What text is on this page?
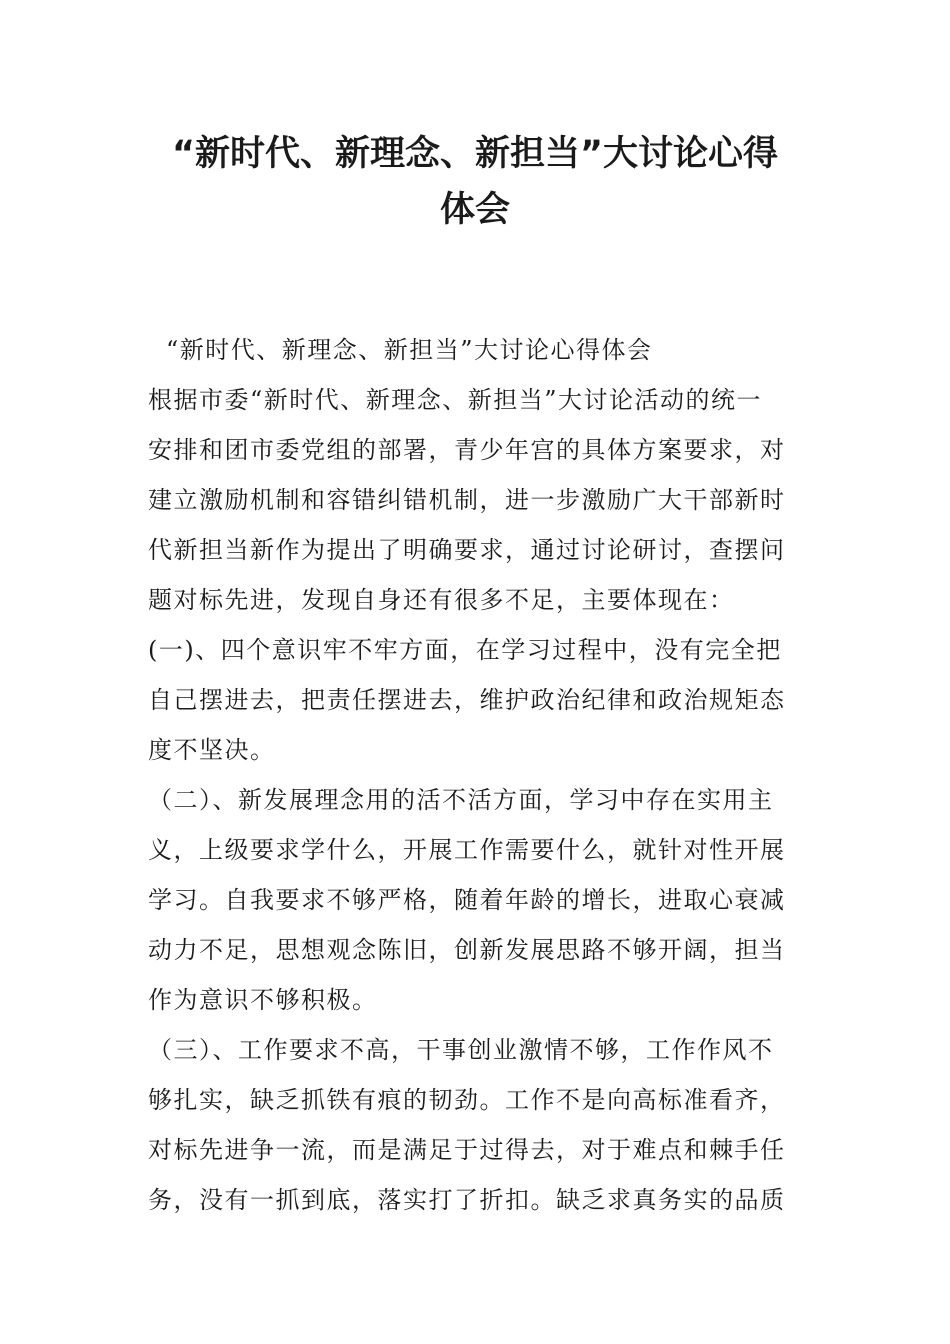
“新时代、新理念、新担当”大讨论心得
体会
“新时代、新理念、新担当”大讨论心得体会
根据市委“新时代、新理念、新担当”大讨论活动的统一
安排和团市委党组的部署，青少年宫的具体方案要求，对
建立激励机制和容错纠错机制，进一步激励广大干部新时
代新担当新作为提出了明确要求，通过讨论研讨，查摆问
题对标先进，发现自身还有很多不足，主要体现在：
(一)、四个意识牢不牢方面，在学习过程中，没有完全把
自己摆进去，把责任摆进去，维护政治纪律和政治规矩态
度不坚决。
（二）、新发展理念用的活不活方面，学习中存在实用主
义，上级要求学什么，开展工作需要什么，就针对性开展
学习。自我要求不够严格，随着年龄的增长，进取心衰减
动力不足，思想观念陈旧，创新发展思路不够开阔，担当
作为意识不够积极。
（三）、工作要求不高，干事创业激情不够，工作作风不
够扎实，缺乏抓铁有痕的韧劲。工作不是向高标准看齐，
对标先进争一流，而是满足于过得去，对于难点和棘手任
务，没有一抓到底，落实打了折扣。缺乏求真务实的品质
